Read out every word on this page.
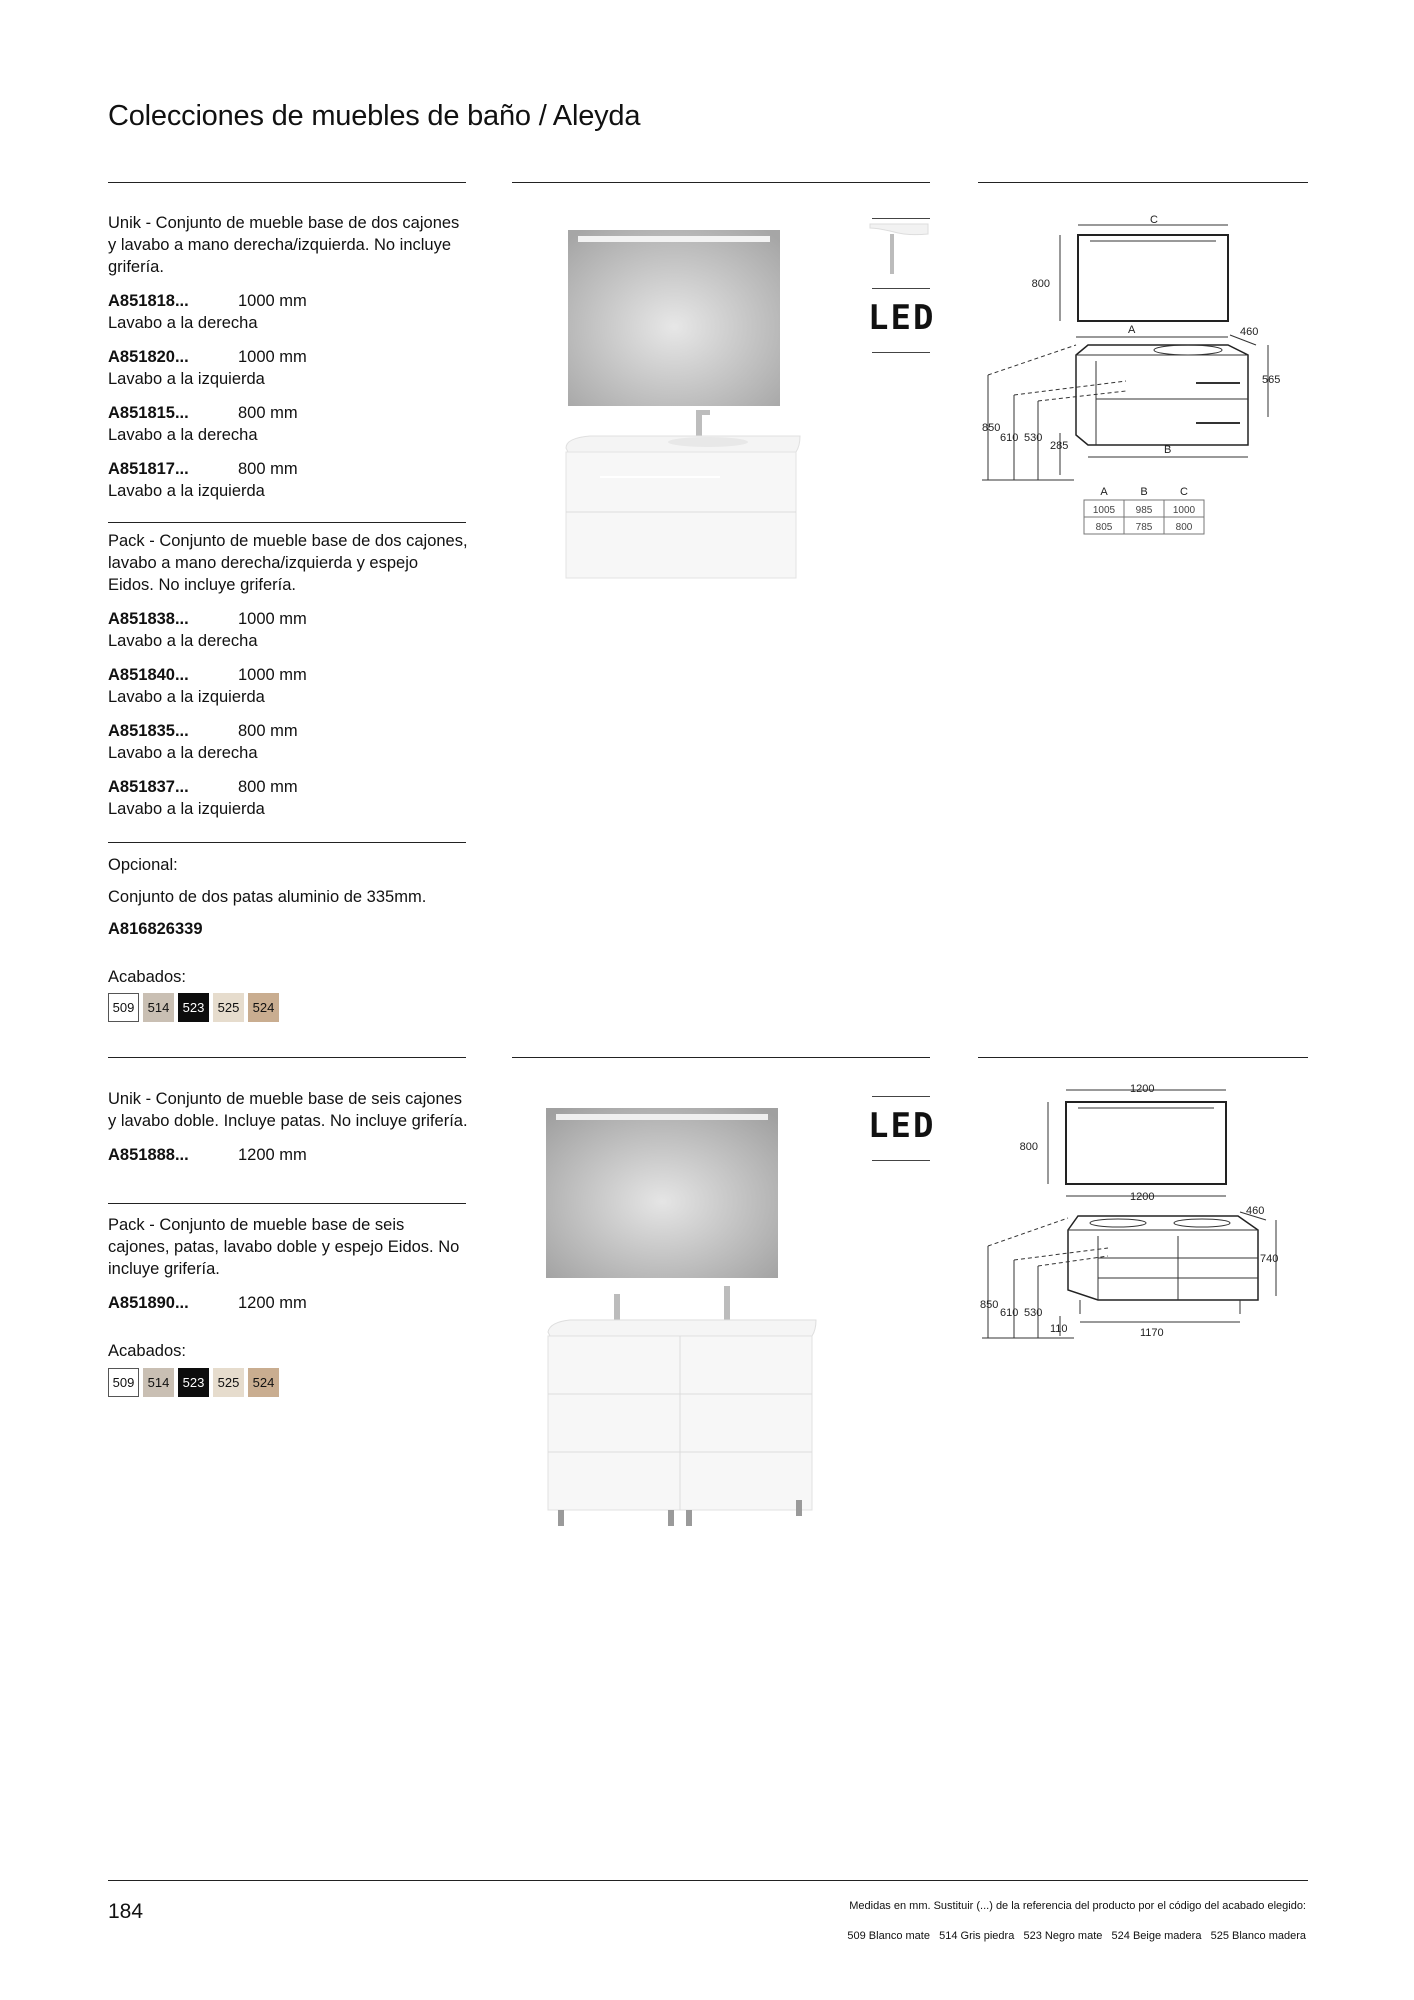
Colecciones de muebles de baño / Aleyda

Unik - Conjunto de mueble base de dos cajones y lavabo a mano derecha/izquierda. No incluye grifería.

A851818...	1000 mm
Lavabo a la derecha
A851820...	1000 mm
Lavabo a la izquierda
A851815...	800 mm
Lavabo a la derecha
A851817...	800 mm
Lavabo a la izquierda

Pack - Conjunto de mueble base de dos cajones, lavabo a mano derecha/izquierda y espejo Eidos. No incluye grifería.

A851838...	1000 mm
Lavabo a la derecha
A851840...	1000 mm
Lavabo a la izquierda
A851835...	800 mm
Lavabo a la derecha
A851837...	800 mm
Lavabo a la izquierda
Opcional:
Conjunto de dos patas aluminio de 335mm.
A816826339
Acabados:
509	514	523	525	524
LED
C
800
A	460
565
B
850
610 530
285
A	B	C
1005 985 1000
805 785 800

Unik - Conjunto de mueble base de seis cajones y lavabo doble. Incluye patas. No incluye grifería.

A851888...	1200 mm

Pack - Conjunto de mueble base de seis cajones, patas, lavabo doble y espejo Eidos. No incluye grifería.

A851890...	1200 mm
Acabados:
509	514	523	525	524
LED
1200
800
1200
460
740
1170
850
610 530
110
184	Medidas en mm. Sustituir (...) de la referencia del producto por el código del acabado elegido:
509 Blanco mate   514 Gris piedra   523 Negro mate   524 Beige madera   525 Blanco madera
